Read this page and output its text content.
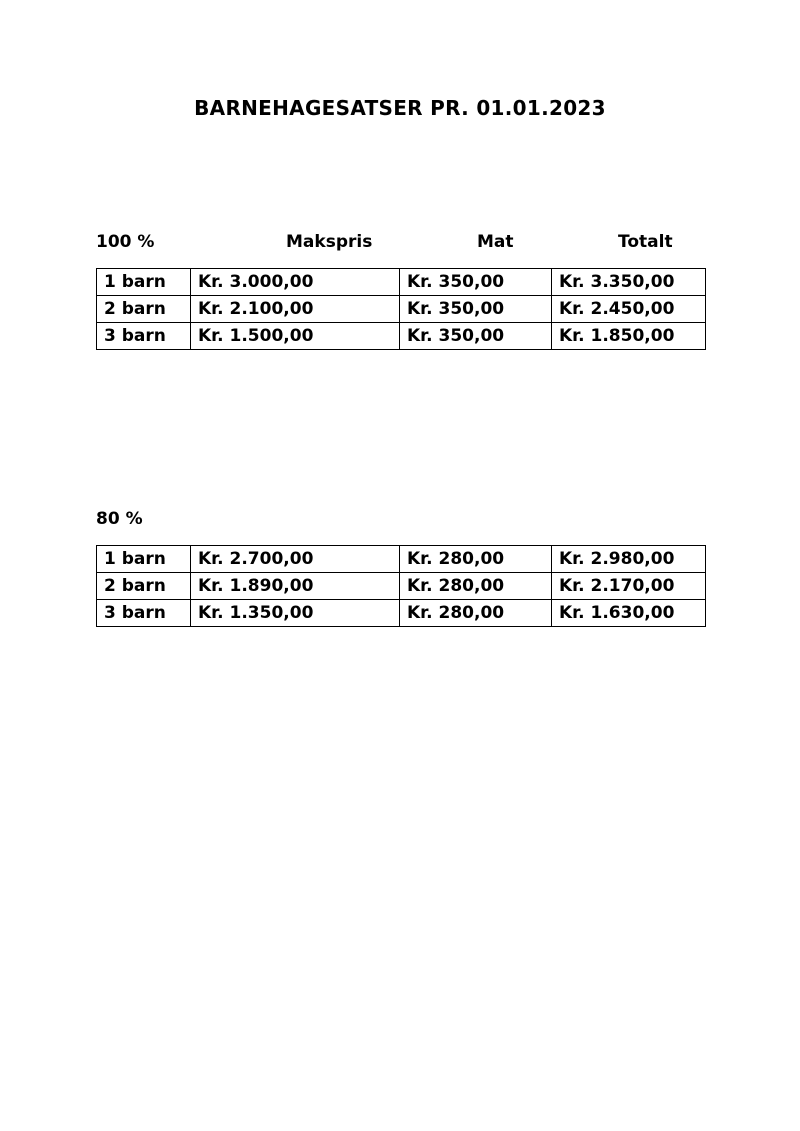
BARNEHAGESATSER PR. 01.01.2023
100 %	Makspris	Mat	Totalt
1 barn	Kr. 3.000,00	Kr. 350,00	Kr. 3.350,00
2 barn	Kr. 2.100,00	Kr. 350,00	Kr. 2.450,00
3 barn	Kr. 1.500,00	Kr. 350,00	Kr. 1.850,00
80 %
1 barn	Kr. 2.700,00	Kr. 280,00	Kr. 2.980,00
2 barn	Kr. 1.890,00	Kr. 280,00	Kr. 2.170,00
3 barn	Kr. 1.350,00	Kr. 280,00	Kr. 1.630,00
